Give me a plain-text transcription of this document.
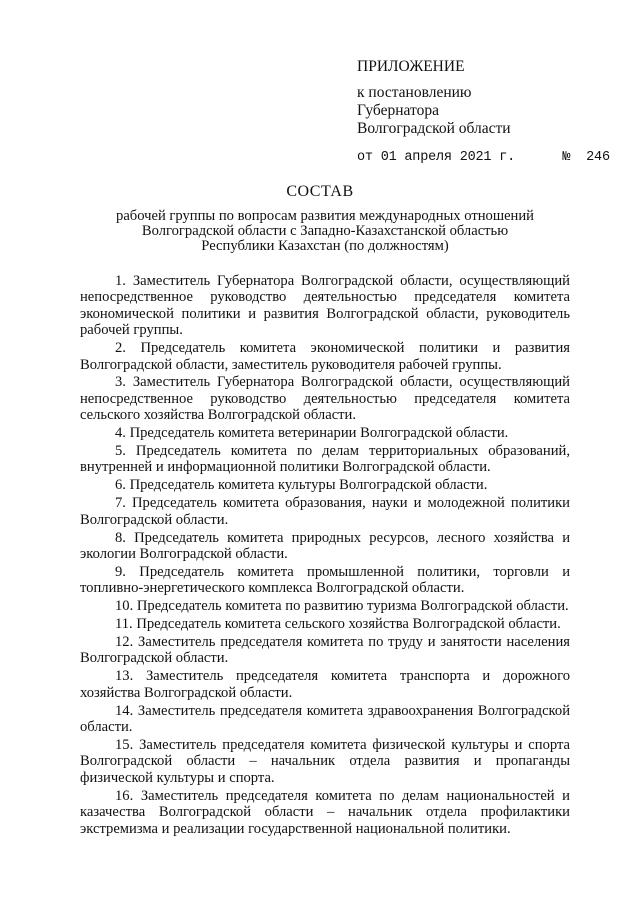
ПРИЛОЖЕНИЕ
к постановлению
Губернатора
Волгоградской области
от 01 апреля 2021 г.      №  246
СОСТАВ
рабочей группы по вопросам развития международных отношений
Волгоградской области с Западно-Казахстанской областью
Республики Казахстан (по должностям)

1. Заместитель Губернатора Волгоградской области, осуществляющий непосредственное руководство деятельностью председателя комитета экономической политики и развития Волгоградской области, руководитель рабочей группы.

2. Председатель комитета экономической политики и развития Волгоградской области, заместитель руководителя рабочей группы.

3. Заместитель Губернатора Волгоградской области, осуществляющий непосредственное руководство деятельностью председателя комитета сельского хозяйства Волгоградской области.

4. Председатель комитета ветеринарии Волгоградской области.

5. Председатель комитета по делам территориальных образований, внутренней и информационной политики Волгоградской области.

6. Председатель комитета культуры Волгоградской области.

7. Председатель комитета образования, науки и молодежной политики Волгоградской области.

8. Председатель комитета природных ресурсов, лесного хозяйства и экологии Волгоградской области.

9. Председатель комитета промышленной политики, торговли и топливно-энергетического комплекса Волгоградской области.

10. Председатель комитета по развитию туризма Волгоградской области.

11. Председатель комитета сельского хозяйства Волгоградской области.

12. Заместитель председателя комитета по труду и занятости населения Волгоградской области.

13. Заместитель председателя комитета транспорта и дорожного хозяйства Волгоградской области.

14. Заместитель председателя комитета здравоохранения Волгоградской области.

15. Заместитель председателя комитета физической культуры и спорта Волгоградской области – начальник отдела развития и пропаганды физической культуры и спорта.

16. Заместитель председателя комитета по делам национальностей и казачества Волгоградской области – начальник отдела профилактики экстремизма и реализации государственной национальной политики.
